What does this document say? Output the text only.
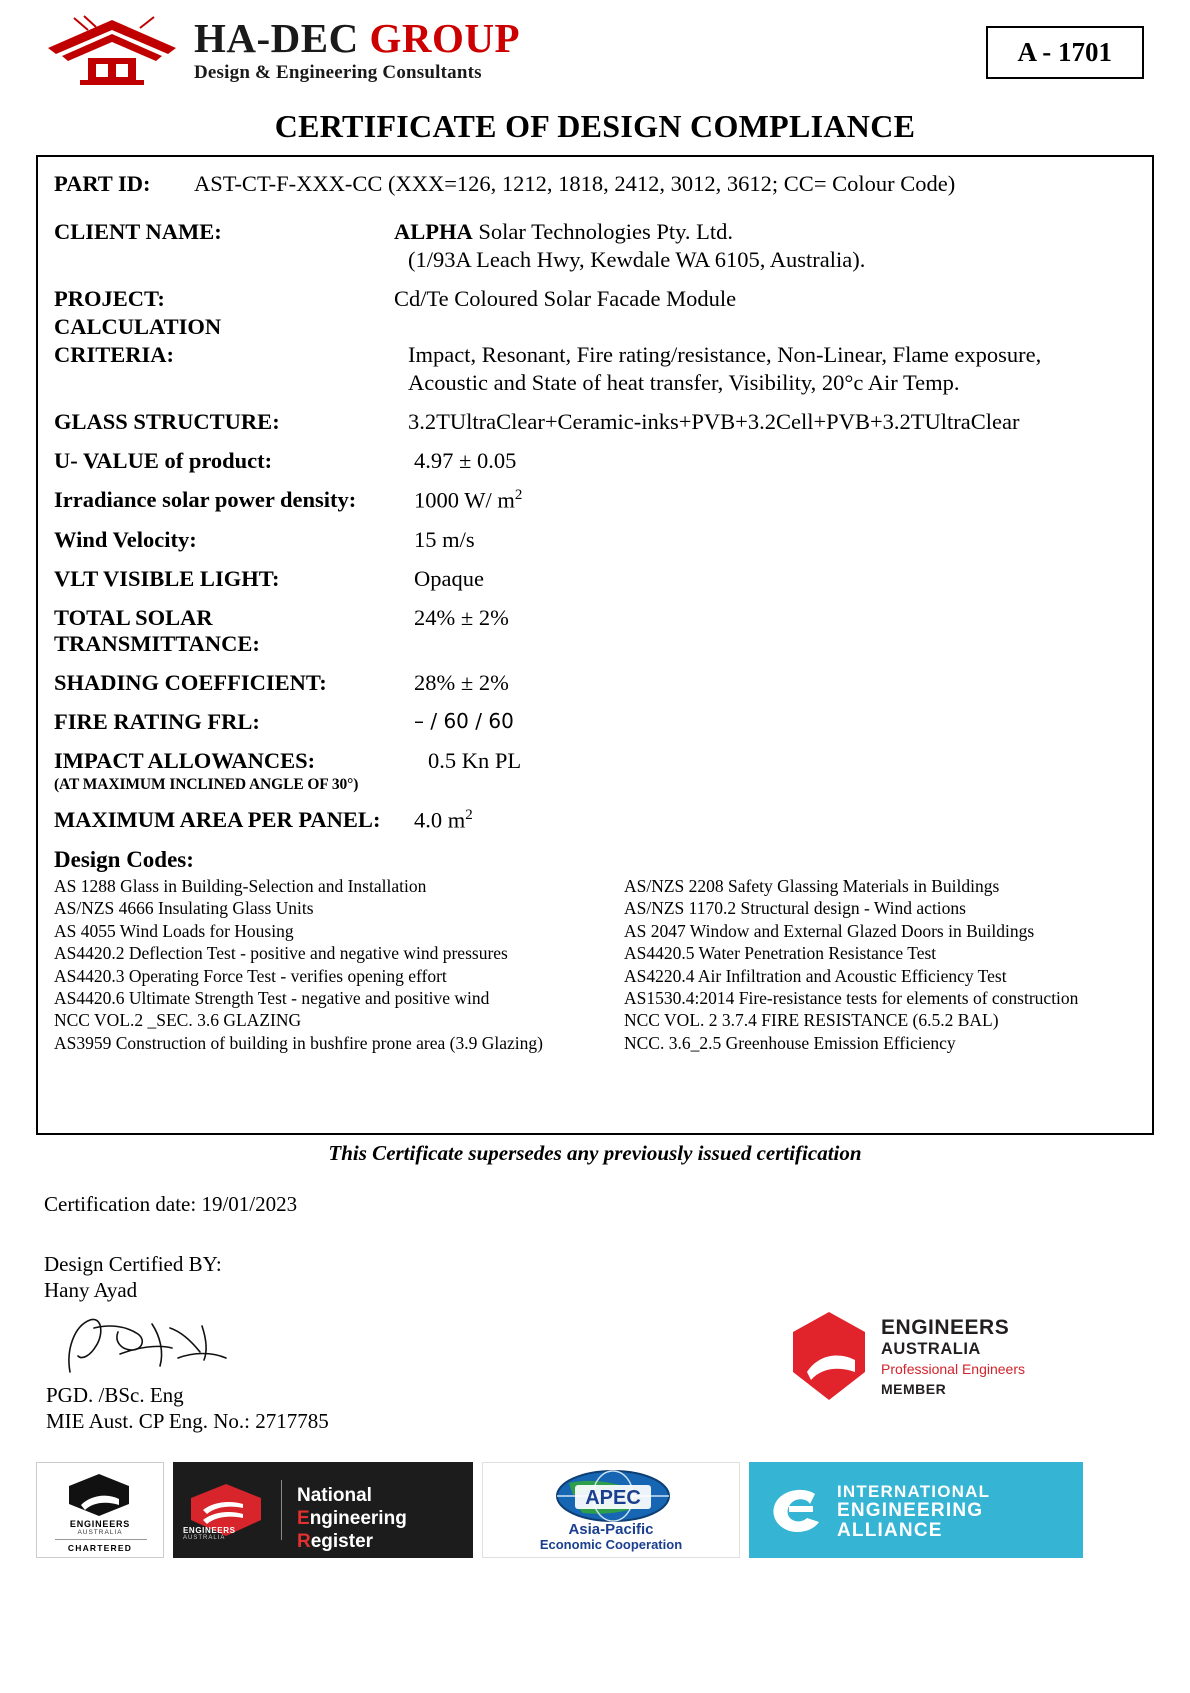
HA-DEC GROUP
Design & Engineering Consultants
A - 1701
CERTIFICATE OF DESIGN COMPLIANCE
PART ID:	AST-CT-F-XXX-CC (XXX=126, 1212, 1818, 2412, 3012, 3612; CC= Colour Code)
CLIENT NAME:	ALPHA Solar Technologies Pty. Ltd.
(1/93A Leach Hwy, Kewdale WA 6105, Australia).
PROJECT:	Cd/Te Coloured Solar Facade Module
CALCULATION
CRITERIA:	Impact, Resonant, Fire rating/resistance, Non-Linear, Flame exposure,
Acoustic and State of heat transfer, Visibility, 20°c Air Temp.
GLASS STRUCTURE:	3.2TUltraClear+Ceramic-inks+PVB+3.2Cell+PVB+3.2TUltraClear
U- VALUE of product:	4.97 ± 0.05
Irradiance solar power density:	1000 W/ $m^2$
Wind Velocity:	15 m/s
VLT VISIBLE LIGHT:	Opaque
TOTAL SOLAR TRANSMITTANCE:
24% ± 2%
SHADING COEFFICIENT:	28% ± 2%
FIRE RATING FRL:	– / 60 / 60
IMPACT ALLOWANCES:	0.5 Kn PL
(AT MAXIMUM INCLINED ANGLE OF 30°)
MAXIMUM AREA PER PANEL:	4.0 $m^2$
Design Codes:
AS 1288 Glass in Building-Selection and Installation	AS/NZS 2208 Safety Glassing Materials in Buildings
AS/NZS 4666 Insulating Glass Units	AS/NZS 1170.2 Structural design - Wind actions
AS 4055 Wind Loads for Housing	AS 2047 Window and External Glazed Doors in Buildings
AS4420.2 Deflection Test - positive and negative wind pressures	AS4420.5 Water Penetration Resistance Test
AS4420.3 Operating Force Test - verifies opening effort	AS4220.4 Air Infiltration and Acoustic Efficiency Test
AS4420.6 Ultimate Strength Test - negative and positive wind	AS1530.4:2014 Fire-resistance tests for elements of construction
NCC VOL.2 _SEC. 3.6 GLAZING	NCC VOL. 2 3.7.4 FIRE RESISTANCE (6.5.2 BAL)
AS3959 Construction of building in bushfire prone area (3.9 Glazing)	NCC. 3.6_2.5 Greenhouse Emission Efficiency
This Certificate supersedes any previously issued certification
Certification date: 19/01/2023
Design Certified BY:
Hany Ayad
PGD. /BSc. Eng
MIE Aust. CP Eng. No.: 2717785
ENGINEERS
AUSTRALIA
Professional Engineers
MEMBER
ENGINEERS
AUSTRALIA
CHARTERED
ENGINEERS
AUSTRALIA
National
Engineering
Register
APEC
Asia-Pacific
Economic Cooperation
INTERNATIONAL
ENGINEERING
ALLIANCE
